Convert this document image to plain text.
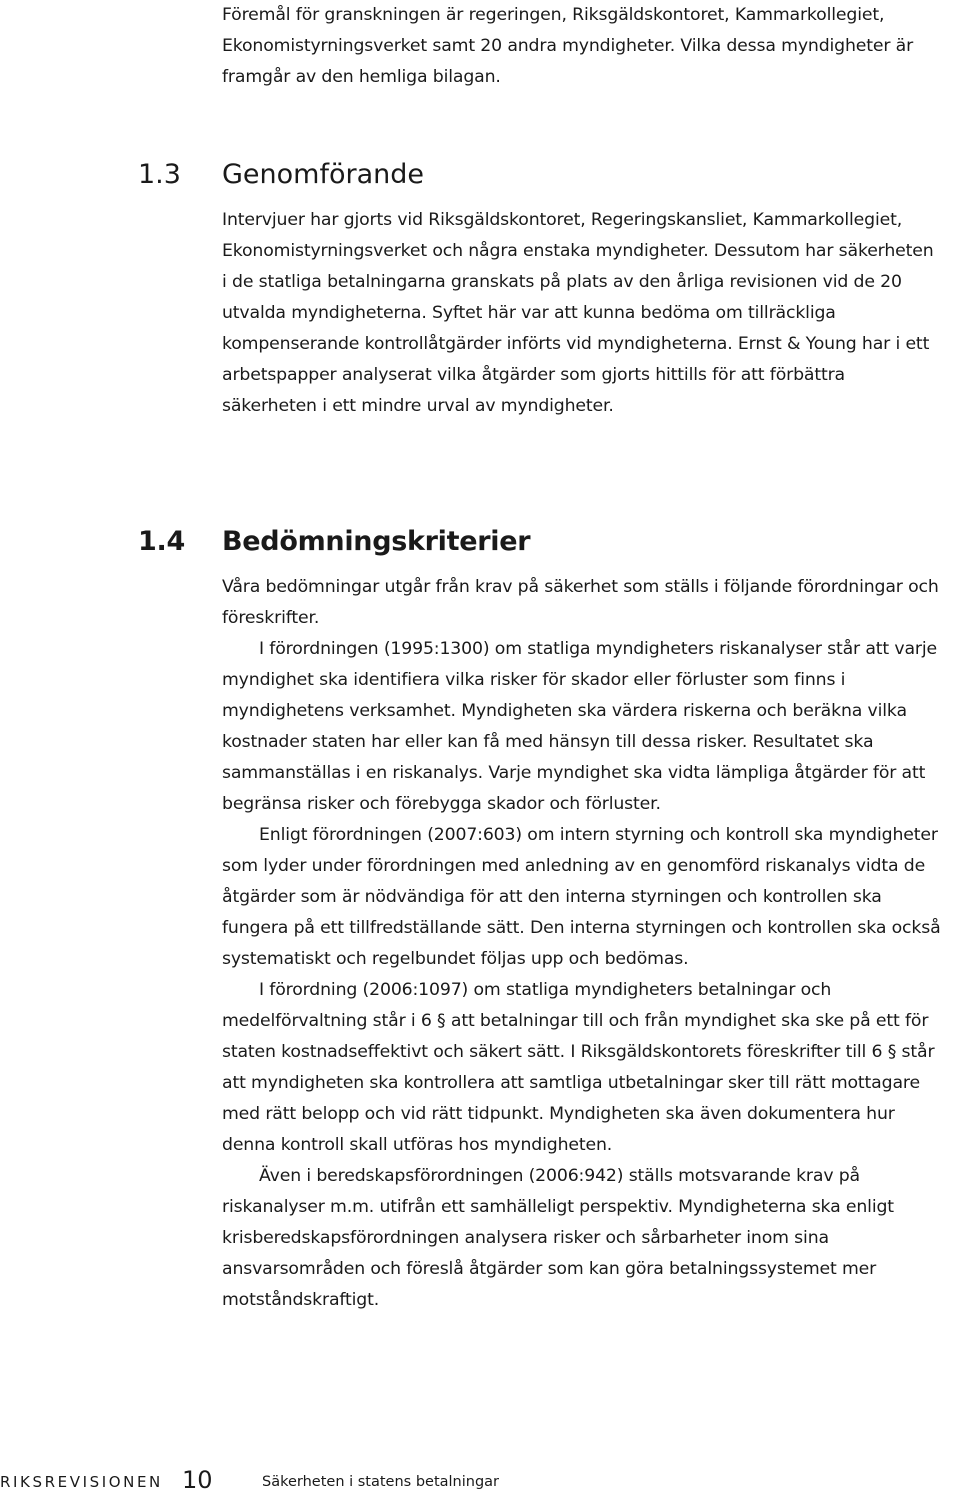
Föremål för granskningen är regeringen, Riksgäldskontoret, Kammarkollegiet, Ekonomistyrningsverket samt 20 andra myndigheter. Vilka dessa myndigheter är framgår av den hemliga bilagan.

1.3 Genomförande

Intervjuer har gjorts vid Riksgäldskontoret, Regeringskansliet, Kammarkollegiet, Ekonomistyrningsverket och några enstaka myndigheter. Dessutom har säkerheten i de statliga betalningarna granskats på plats av den årliga revisionen vid de 20 utvalda myndigheterna. Syftet här var att kunna bedöma om tillräckliga kompenserande kontrollåtgärder införts vid myndigheterna. Ernst & Young har i ett arbetspapper analyserat vilka åtgärder som gjorts hittills för att förbättra säkerheten i ett mindre urval av myndigheter.

1.4 Bedömningskriterier

Våra bedömningar utgår från krav på säkerhet som ställs i följande förordningar och föreskrifter.

I förordningen (1995:1300) om statliga myndigheters riskanalyser står att varje myndighet ska identifiera vilka risker för skador eller förluster som finns i myndighetens verksamhet. Myndigheten ska värdera riskerna och beräkna vilka kostnader staten har eller kan få med hänsyn till dessa risker. Resultatet ska sammanställas i en riskanalys. Varje myndighet ska vidta lämpliga åtgärder för att begränsa risker och förebygga skador och förluster.

Enligt förordningen (2007:603) om intern styrning och kontroll ska myndigheter som lyder under förordningen med anledning av en genomförd riskanalys vidta de åtgärder som är nödvändiga för att den interna styrningen och kontrollen ska fungera på ett tillfredställande sätt. Den interna styrningen och kontrollen ska också systematiskt och regelbundet följas upp och bedömas.

I förordning (2006:1097) om statliga myndigheters betalningar och medelförvaltning står i 6 § att betalningar till och från myndighet ska ske på ett för staten kostnadseffektivt och säkert sätt. I Riksgäldskontorets föreskrifter till 6 § står att myndigheten ska kontrollera att samtliga utbetalningar sker till rätt mottagare med rätt belopp och vid rätt tidpunkt. Myndigheten ska även dokumentera hur denna kontroll skall utföras hos myndigheten.

Även i beredskapsförordningen (2006:942) ställs motsvarande krav på riskanalyser m.m. utifrån ett samhälleligt perspektiv. Myndigheterna ska enligt krisberedskapsförordningen analysera risker och sårbarheter inom sina ansvarsområden och föreslå åtgärder som kan göra betalningssystemet mer motståndskraftigt.

RIKSREVISIONEN 10	Säkerheten i statens betalningar
